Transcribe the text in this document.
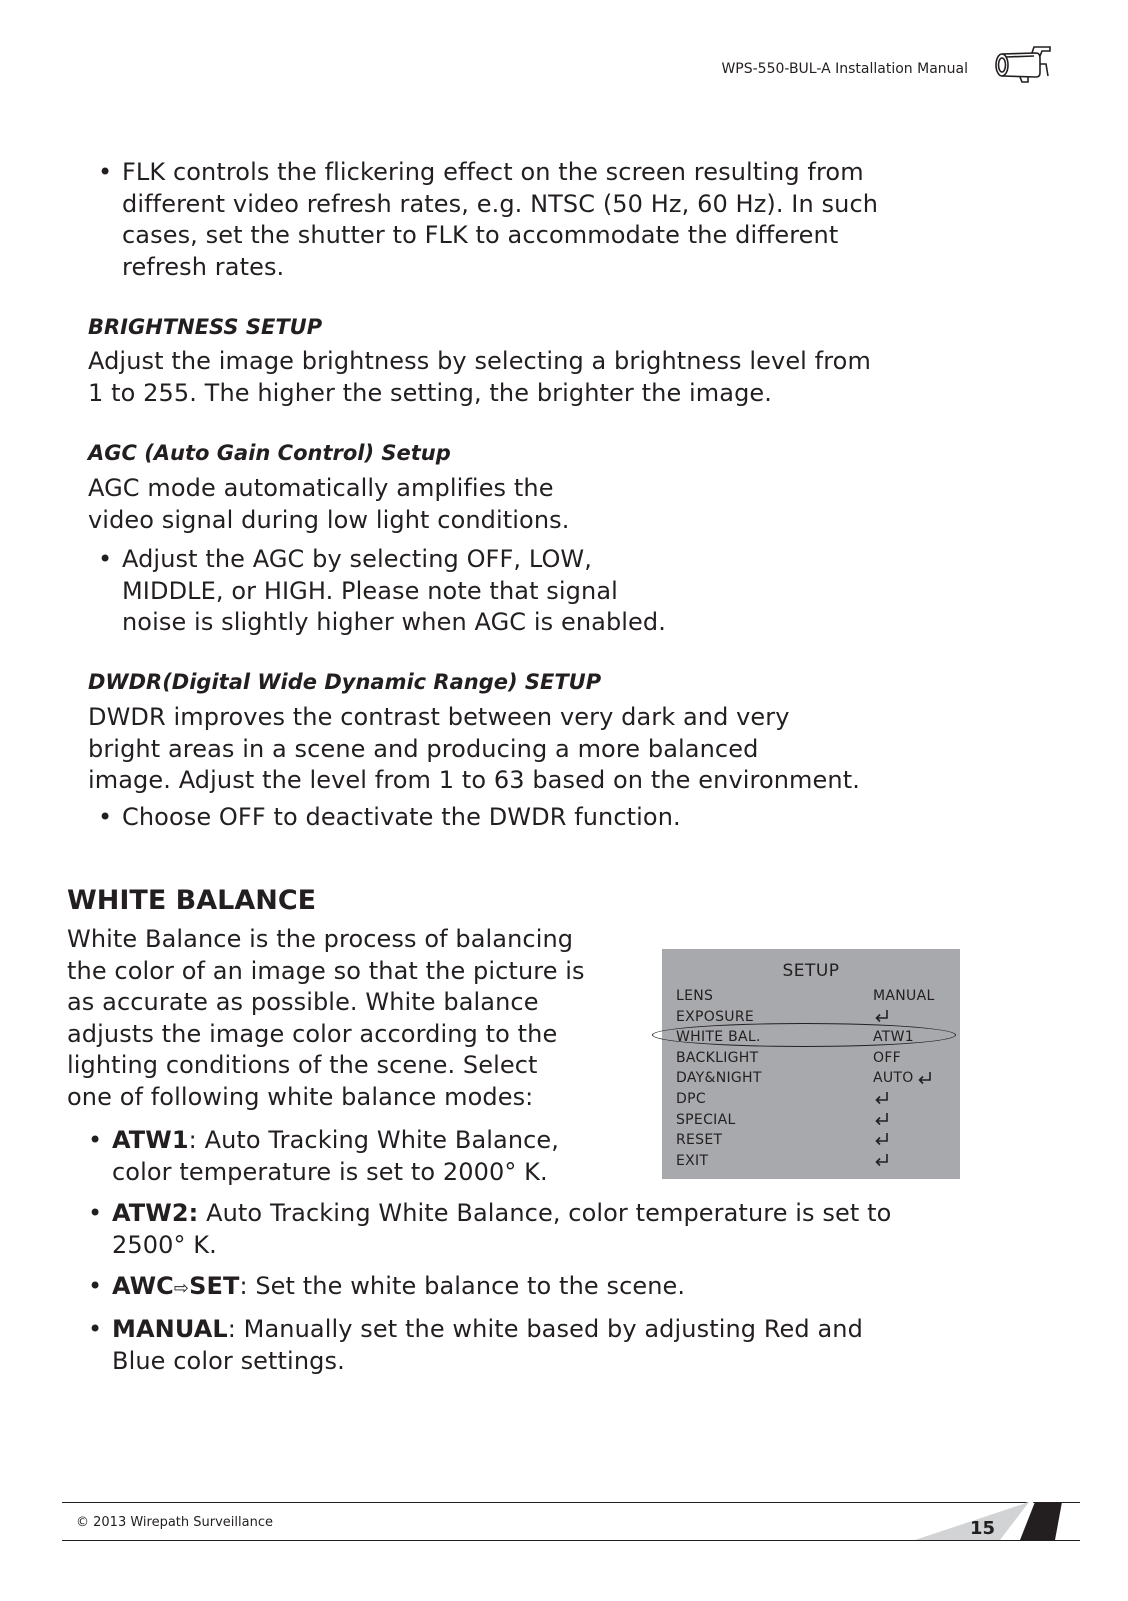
WPS-550-BUL-A Installation Manual
• FLK controls the flickering effect on the screen resulting from
different video refresh rates, e.g. NTSC (50 Hz, 60 Hz). In such
cases, set the shutter to FLK to accommodate the different
refresh rates.
BRIGHTNESS SETUP
Adjust the image brightness by selecting a brightness level from
1 to 255. The higher the setting, the brighter the image.
AGC (Auto Gain Control) Setup
AGC mode automatically amplifies the
video signal during low light conditions.
• Adjust the AGC by selecting OFF, LOW,
MIDDLE, or HIGH. Please note that signal
noise is slightly higher when AGC is enabled.
DWDR(Digital Wide Dynamic Range) SETUP
DWDR improves the contrast between very dark and very
bright areas in a scene and producing a more balanced
image. Adjust the level from 1 to 63 based on the environment.
• Choose OFF to deactivate the DWDR function.
WHITE BALANCE
White Balance is the process of balancing
the color of an image so that the picture is
as accurate as possible. White balance
adjusts the image color according to the
lighting conditions of the scene. Select
one of following white balance modes:
• ATW1: Auto Tracking White Balance,
color temperature is set to 2000° K.
• ATW2: Auto Tracking White Balance, color temperature is set to
2500° K.
• AWC⇨SET: Set the white balance to the scene.
• MANUAL: Manually set the white based by adjusting Red and
Blue color settings.
SETUP
LENS	MANUAL
EXPOSURE
WHITE BAL.	ATW1
BACKLIGHT	OFF
DAY&NIGHT	AUTO
DPC
SPECIAL
RESET
EXIT
© 2013 Wirepath Surveillance	15
